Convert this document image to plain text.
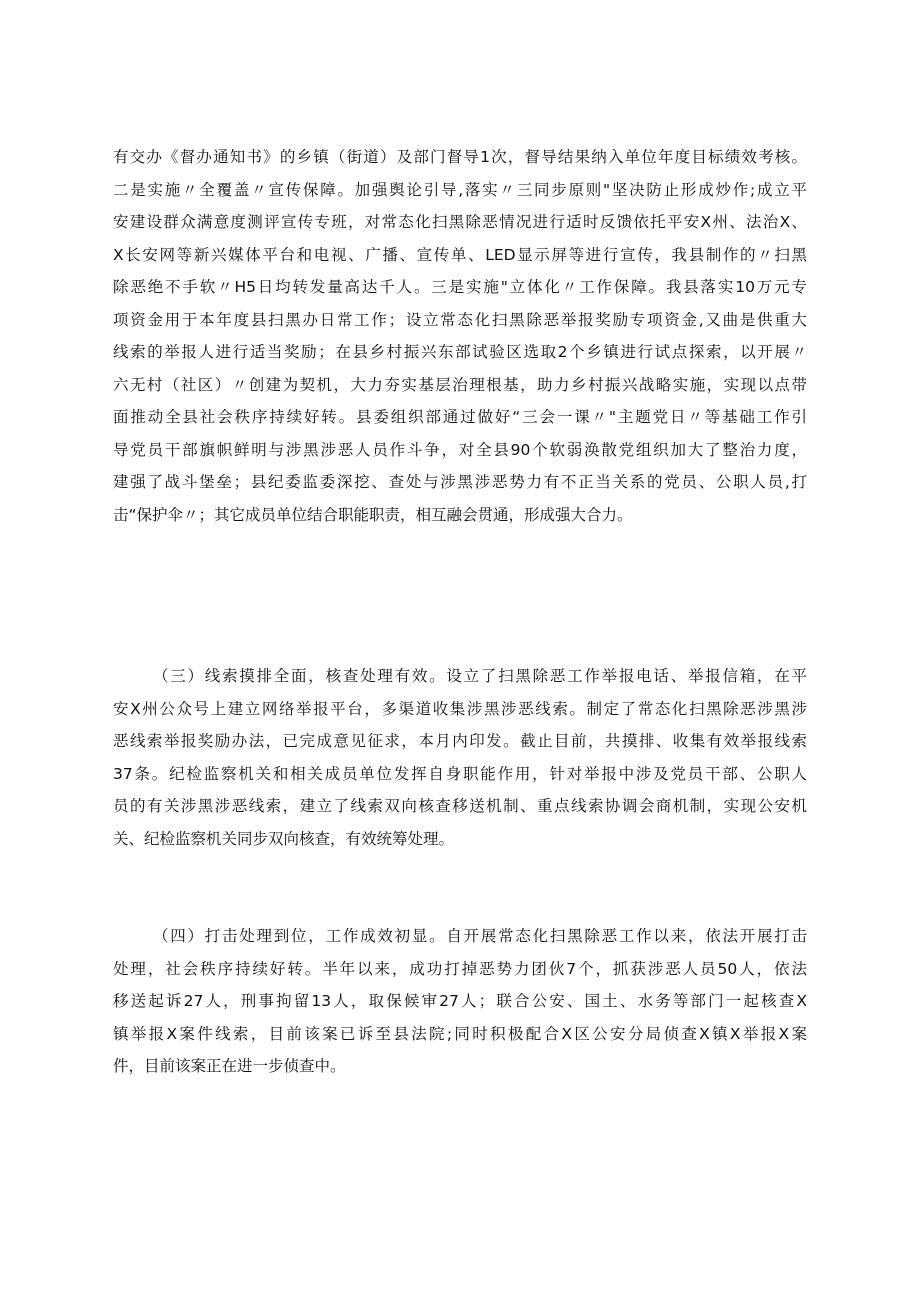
有交办《督办通知书》的乡镇（街道）及部门督导1次，督导结果纳入单位年度目标绩效考核。
二是实施〃全覆盖〃宣传保障。加强舆论引导,落实〃三同步原则"坚决防止形成炒作;成立平
安建设群众满意度测评宣传专班，对常态化扫黑除恶情况进行适时反馈依托平安X州、法治X、
X长安网等新兴媒体平台和电视、广播、宣传单、LED显示屏等进行宣传，我县制作的〃扫黑
除恶绝不手软〃H5日均转发量高达千人。三是实施"立体化〃工作保障。我县落实10万元专
项资金用于本年度县扫黑办日常工作；设立常态化扫黑除恶举报奖励专项资金,又曲是供重大
线索的举报人进行适当奖励；在县乡村振兴东部试验区选取2个乡镇进行试点探索，以开展〃
六无村（社区）〃创建为契机，大力夯实基层治理根基，助力乡村振兴战略实施，实现以点带
面推动全县社会秩序持续好转。县委组织部通过做好“三会一课〃"主题党日〃等基础工作引
导党员干部旗帜鲜明与涉黑涉恶人员作斗争，对全县90个软弱涣散党组织加大了整治力度，
建强了战斗堡垒；县纪委监委深挖、查处与涉黑涉恶势力有不正当关系的党员、公职人员,打
击“保护伞〃；其它成员单位结合职能职责，相互融会贯通，形成强大合力。
（三）线索摸排全面，核查处理有效。设立了扫黑除恶工作举报电话、举报信箱，在平
安X州公众号上建立网络举报平台，多渠道收集涉黑涉恶线索。制定了常态化扫黑除恶涉黑涉
恶线索举报奖励办法，已完成意见征求，本月内印发。截止目前，共摸排、收集有效举报线索
37条。纪检监察机关和相关成员单位发挥自身职能作用，针对举报中涉及党员干部、公职人
员的有关涉黑涉恶线索，建立了线索双向核查移送机制、重点线索协调会商机制，实现公安机
关、纪检监察机关同步双向核查，有效统筹处理。
（四）打击处理到位，工作成效初显。自开展常态化扫黑除恶工作以来，依法开展打击
处理，社会秩序持续好转。半年以来，成功打掉恶势力团伙7个，抓获涉恶人员50人，依法
移送起诉27人，刑事拘留13人，取保候审27人；联合公安、国土、水务等部门一起核查X
镇举报X案件线索，目前该案已诉至县法院;同时积极配合X区公安分局侦查X镇X举报X案
件，目前该案正在进一步侦查中。
